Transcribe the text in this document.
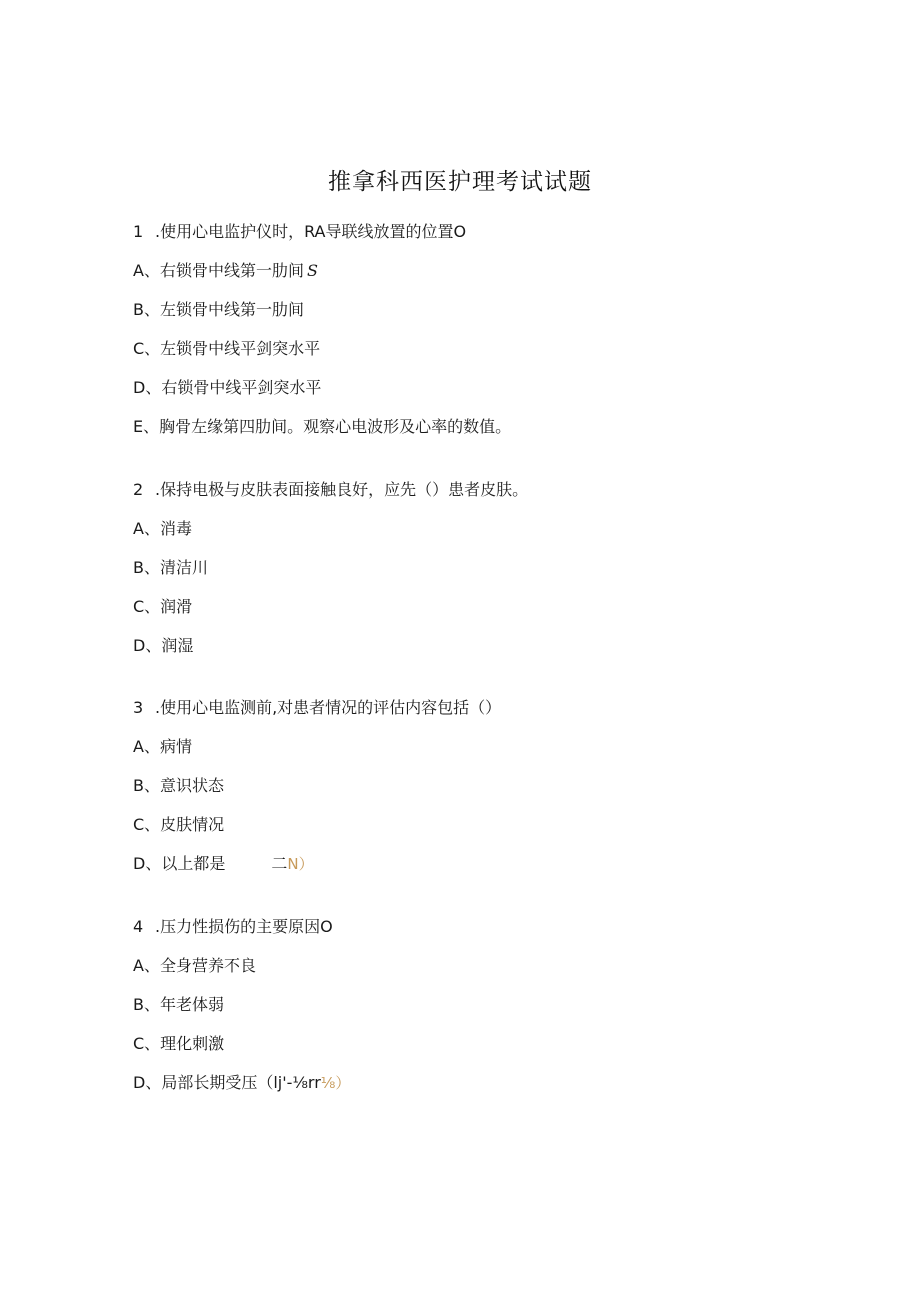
推拿科西医护理考试试题
1 .使用心电监护仪时，RA导联线放置的位置O
A、右锁骨中线第一肋间 S
B、左锁骨中线第一肋间
C、左锁骨中线平剑突水平
D、右锁骨中线平剑突水平
E、胸骨左缘第四肋间。观察心电波形及心率的数值。
2 .保持电极与皮肤表面接触良好，应先（）患者皮肤。
A、消毒
B、清洁川
C、润滑
D、润湿
3 .使用心电监测前,对患者情况的评估内容包括（）
A、病情
B、意识状态
C、皮肤情况
D、以上都是	二N）
4 .压力性损伤的主要原因O
A、全身营养不良
B、年老体弱
C、理化刺激
D、局部长期受压（lj'-⅛rr⅛）
